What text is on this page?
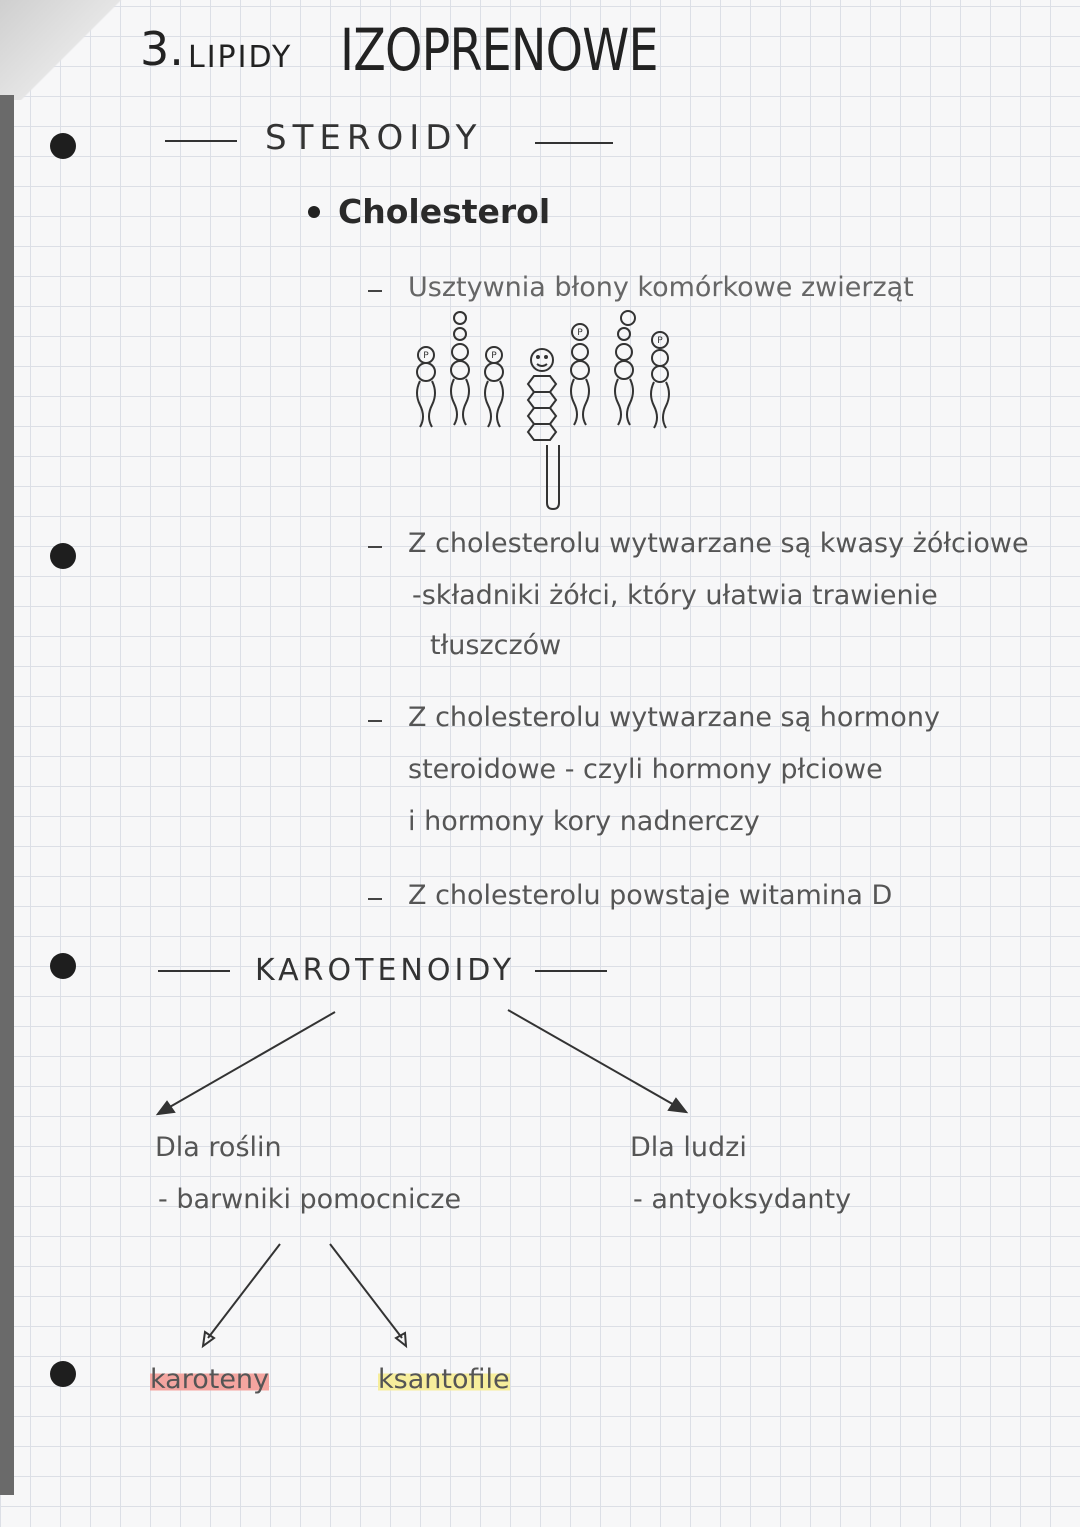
3. LIPIDY IZOPRENOWE
STEROIDY
Cholesterol
Usztywnia błony komórkowe zwierząt
Z cholesterolu wytwarzane są kwasy żółciowe
-składniki żółci, który ułatwia trawienie
tłuszczów
Z cholesterolu wytwarzane są hormony
steroidowe - czyli hormony płciowe
i hormony kory nadnerczy
Z cholesterolu powstaje witamina D
KAROTENOIDY
Dla roślin
- barwniki pomocnicze
Dla ludzi
- antyoksydanty
karoteny	ksantofile
P	P
P
P
